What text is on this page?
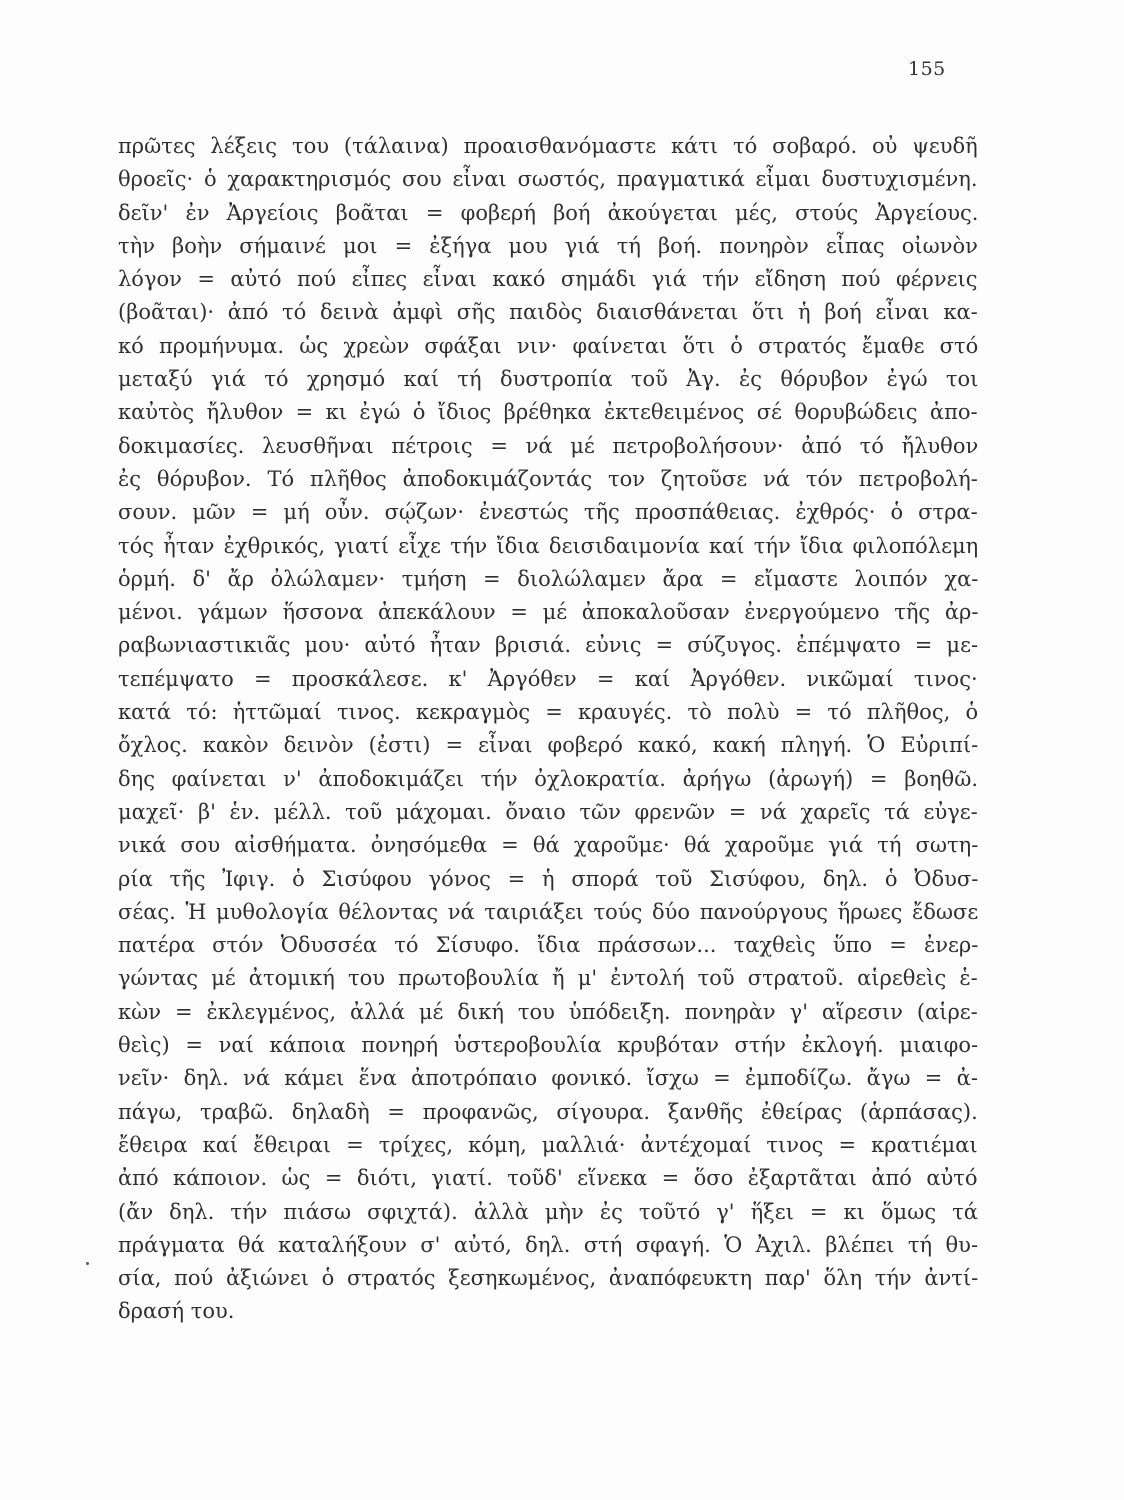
155
πρῶτες λέξεις του (τάλαινα) προαισθανόμαστε κάτι τό σοβαρό. οὐ ψευδῆ
θροεῖς· ὁ χαρακτηρισμός σου εἶναι σωστός, πραγματικά εἶμαι δυστυχισμένη.
δεῖν' ἐν Ἀργείοις βοᾶται = φοβερή βοή ἀκούγεται μές, στούς Ἀργείους.
τὴν βοὴν σήμαινέ μοι = ἐξήγα μου γιά τή βοή. πονηρὸν εἶπας οἰωνὸν
λόγον = αὐτό πού εἶπες εἶναι κακό σημάδι γιά τήν εἴδηση πού φέρνεις
(βοᾶται)· ἀπό τό δεινὰ ἀμφὶ σῆς παιδὸς διαισθάνεται ὅτι ἡ βοή εἶναι κα-
κό προμήνυμα. ὡς χρεὼν σφάξαι νιν· φαίνεται ὅτι ὁ στρατός ἔμαθε στό
μεταξύ γιά τό χρησμό καί τή δυστροπία τοῦ Ἀγ. ἐς θόρυβον ἐγώ τοι
καὐτὸς ἤλυθον = κι ἐγώ ὁ ἴδιος βρέθηκα ἐκτεθειμένος σέ θορυβώδεις ἀπο-
δοκιμασίες. λευσθῆναι πέτροις = νά μέ πετροβολήσουν· ἀπό τό ἤλυθον
ἐς θόρυβον. Τό πλῆθος ἀποδοκιμάζοντάς τον ζητοῦσε νά τόν πετροβολή-
σουν. μῶν = μή οὖν. σῴζων· ἐνεστώς τῆς προσπάθειας. ἐχθρός· ὁ στρα-
τός ἦταν ἐχθρικός, γιατί εἶχε τήν ἴδια δεισιδαιμονία καί τήν ἴδια φιλοπόλεμη
ὁρμή. δ' ἄρ ὀλώλαμεν· τμήση = διολώλαμεν ἄρα = εἴμαστε λοιπόν χα-
μένοι. γάμων ἥσσονα ἀπεκάλουν = μέ ἀποκαλοῦσαν ἐνεργούμενο τῆς ἀρ-
ραβωνιαστικιᾶς μου· αὐτό ἦταν βρισιά. εὐνις = σύζυγος. ἐπέμψατο = με-
τεπέμψατο = προσκάλεσε. κ' Ἀργόθεν = καί Ἀργόθεν. νικῶμαί τινος·
κατά τό: ἡττῶμαί τινος. κεκραγμὸς = κραυγές. τὸ πολὺ = τό πλῆθος, ὁ
ὄχλος. κακὸν δεινὸν (ἐστι) = εἶναι φοβερό κακό, κακή πληγή. Ὁ Εὐριπί-
δης φαίνεται ν' ἀποδοκιμάζει τήν ὀχλοκρατία. ἀρήγω (ἀρωγή) = βοηθῶ.
μαχεῖ· β' ἑν. μέλλ. τοῦ μάχομαι. ὄναιο τῶν φρενῶν = νά χαρεῖς τά εὐγε-
νικά σου αἰσθήματα. ὀνησόμεθα = θά χαροῦμε· θά χαροῦμε γιά τή σωτη-
ρία τῆς Ἰφιγ. ὁ Σισύφου γόνος = ἡ σπορά τοῦ Σισύφου, δηλ. ὁ Ὀδυσ-
σέας. Ἡ μυθολογία θέλοντας νά ταιριάξει τούς δύο πανούργους ἥρωες ἔδωσε
πατέρα στόν Ὀδυσσέα τό Σίσυφο. ἴδια πράσσων... ταχθεὶς ὕπο = ἐνερ-
γώντας μέ ἀτομική του πρωτοβουλία ἤ μ' ἐντολή τοῦ στρατοῦ. αἱρεθεὶς ἑ-
κὼν = ἐκλεγμένος, ἀλλά μέ δική του ὑπόδειξη. πονηρὰν γ' αἵρεσιν (αἱρε-
θεὶς) = ναί κάποια πονηρή ὑστεροβουλία κρυβόταν στήν ἐκλογή. μιαιφο-
νεῖν· δηλ. νά κάμει ἕνα ἀποτρόπαιο φονικό. ἴσχω = ἐμποδίζω. ἄγω = ἀ-
πάγω, τραβῶ. δηλαδὴ = προφανῶς, σίγουρα. ξανθῆς ἐθείρας (ἁρπάσας).
ἔθειρα καί ἔθειραι = τρίχες, κόμη, μαλλιά· ἀντέχομαί τινος = κρατιέμαι
ἀπό κάποιον. ὡς = διότι, γιατί. τοῦδ' εἵνεκα = ὅσο ἐξαρτᾶται ἀπό αὐτό
(ἄν δηλ. τήν πιάσω σφιχτά). ἀλλὰ μὴν ἐς τοῦτό γ' ἥξει = κι ὅμως τά
πράγματα θά καταλήξουν σ' αὐτό, δηλ. στή σφαγή. Ὁ Ἀχιλ. βλέπει τή θυ-
σία, πού ἀξιώνει ὁ στρατός ξεσηκωμένος, ἀναπόφευκτη παρ' ὅλη τήν ἀντί-
δρασή του.
